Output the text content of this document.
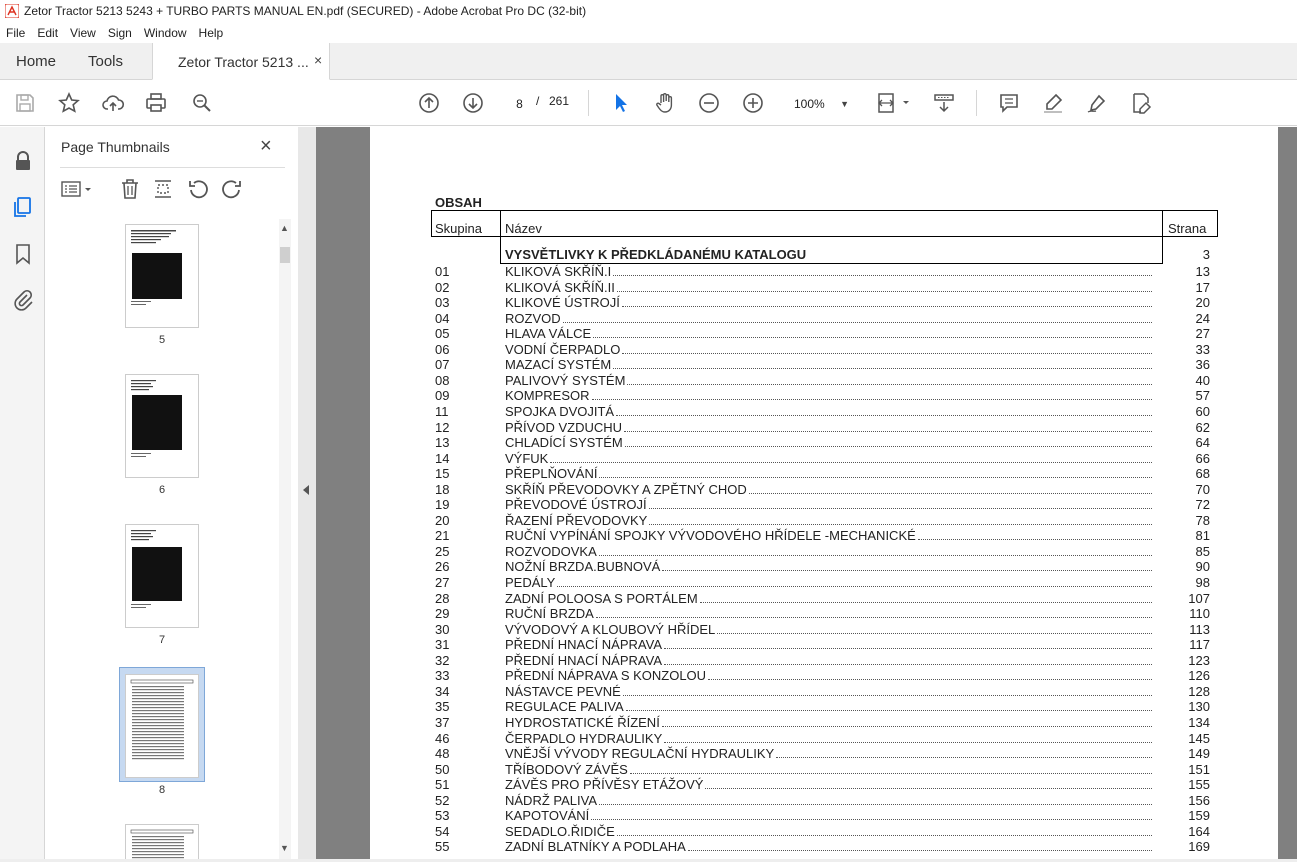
Zetor Tractor 5213 5243 + TURBO PARTS MANUAL EN.pdf (SECURED) - Adobe Acrobat Pro DC (32-bit)
File	Edit	View	Sign	Window	Help
Home Tools	Zetor Tractor 5213 ... ×
8	/ 261	100% ▼
Page Thumbnails	×
5
6
7
8
▲
▼
OBSAH
Skupina Název	Strana
VYSVĚTLIVKY K PŘEDKLÁDANÉMU KATALOGU	3
01	KLIKOVÁ SKŘÍŇ.I	13
02	KLIKOVÁ SKŘÍŇ.II	17
03	KLIKOVÉ ÚSTROJÍ	20
04	ROZVOD	24
05	HLAVA VÁLCE	27
06	VODNÍ ČERPADLO	33
07	MAZACÍ SYSTÉM	36
08	PALIVOVÝ SYSTÉM	40
09	KOMPRESOR	57
11	SPOJKA DVOJITÁ	60
12	PŘÍVOD VZDUCHU	62
13	CHLADÍCÍ SYSTÉM	64
14	VÝFUK	66
15	PŘEPLŇOVÁNÍ	68
18	SKŘÍŇ PŘEVODOVKY A ZPĚTNÝ CHOD	70
19	PŘEVODOVÉ ÚSTROJÍ	72
20	ŘAZENÍ PŘEVODOVKY	78
21	RUČNÍ VYPÍNÁNÍ SPOJKY VÝVODOVÉHO HŘÍDELE -MECHANICKÉ	81
25	ROZVODOVKA	85
26	NOŽNÍ BRZDA.BUBNOVÁ	90
27	PEDÁLY	98
28	ZADNÍ POLOOSA S PORTÁLEM	107
29	RUČNÍ BRZDA	110
30	VÝVODOVÝ A KLOUBOVÝ HŘÍDEL	113
31	PŘEDNÍ HNACÍ NÁPRAVA	117
32	PŘEDNÍ HNACÍ NÁPRAVA	123
33	PŘEDNÍ NÁPRAVA S KONZOLOU	126
34	NÁSTAVCE PEVNÉ	128
35	REGULACE PALIVA	130
37	HYDROSTATICKÉ ŘÍZENÍ	134
46	ČERPADLO HYDRAULIKY	145
48	VNĚJŠÍ VÝVODY REGULAČNÍ HYDRAULIKY	149
50	TŘÍBODOVÝ ZÁVĚS	151
51	ZÁVĚS PRO PŘÍVĚSY ETÁŽOVÝ	155
52	NÁDRŽ PALIVA	156
53	KAPOTOVÁNÍ	159
54	SEDADLO.ŘIDIČE	164
55	ZADNÍ BLATNÍKY A PODLAHA	169
